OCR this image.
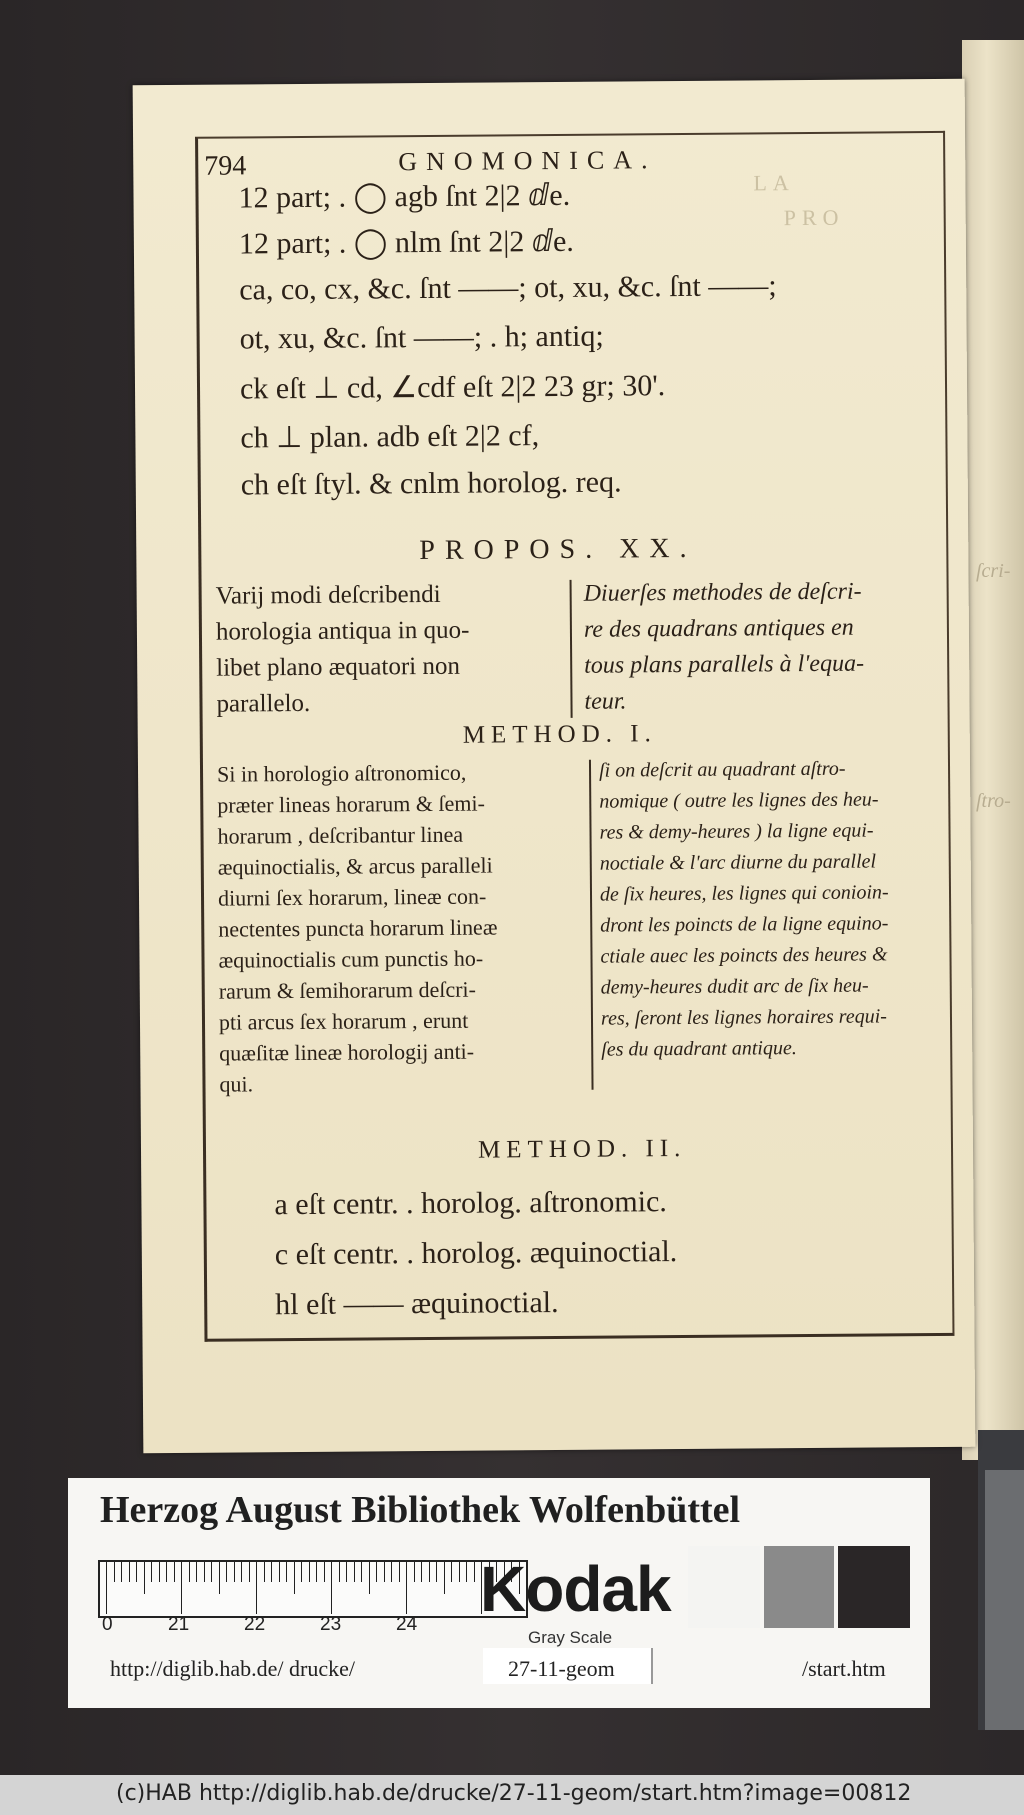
ſcri-
ſtro-
LA
PRO
794	GNOMONICA.
12 part; . ◯ agb ſnt 2|2 ⅆe.
12 part; . ◯ nlm ſnt 2|2 ⅆe.
ca, co, cx, &c. ſnt ——; ot, xu, &c. ſnt ——;
ot, xu, &c. ſnt ——; . h; antiq;
ck eſt ⊥ cd, ∠cdf eſt 2|2 23 gr; 30'.
ch ⊥ plan. adb eſt 2|2 cf,
ch eſt ſtyl. & cnlm horolog. req.
PROPOS. XX.

Varij modi deſcribendi

horologia antiqua in quo-

libet plano æquatori non

parallelo.

Diuerſes methodes de deſcri-

re des quadrans antiques en

tous plans parallels à l'equa-

teur.

METHOD. I.

Si in horologio aſtronomico,

præter lineas horarum & ſemi-

horarum , deſcribantur linea

æquinoctialis, & arcus paralleli

diurni ſex horarum, lineæ con-

nectentes puncta horarum lineæ

æquinoctialis cum punctis ho-

rarum & ſemihorarum deſcri-

pti arcus ſex horarum , erunt

quæſitæ lineæ horologij anti-

qui.

ſi on deſcrit au quadrant aſtro-

nomique ( outre les lignes des heu-

res & demy-heures ) la ligne equi-

noctiale & l'arc diurne du parallel

de ſix heures, les lignes qui conioin-

dront les poincts de la ligne equino-

ctiale auec les poincts des heures &

demy-heures dudit arc de ſix heu-

res, ſeront les lignes horaires requi-

ſes du quadrant antique.

METHOD. II.
a eſt centr. . horolog. aſtronomic.
c eſt centr. . horolog. æquinoctial.
hl eſt —— æquinoctial.
Herzog August Bibliothek Wolfenbüttel
0	21	22	23	24 Kodak
Gray Scale
http://diglib.hab.de/ drucke/	27-11-geom	/start.htm
(c)HAB http://diglib.hab.de/drucke/27-11-geom/start.htm?image=00812
